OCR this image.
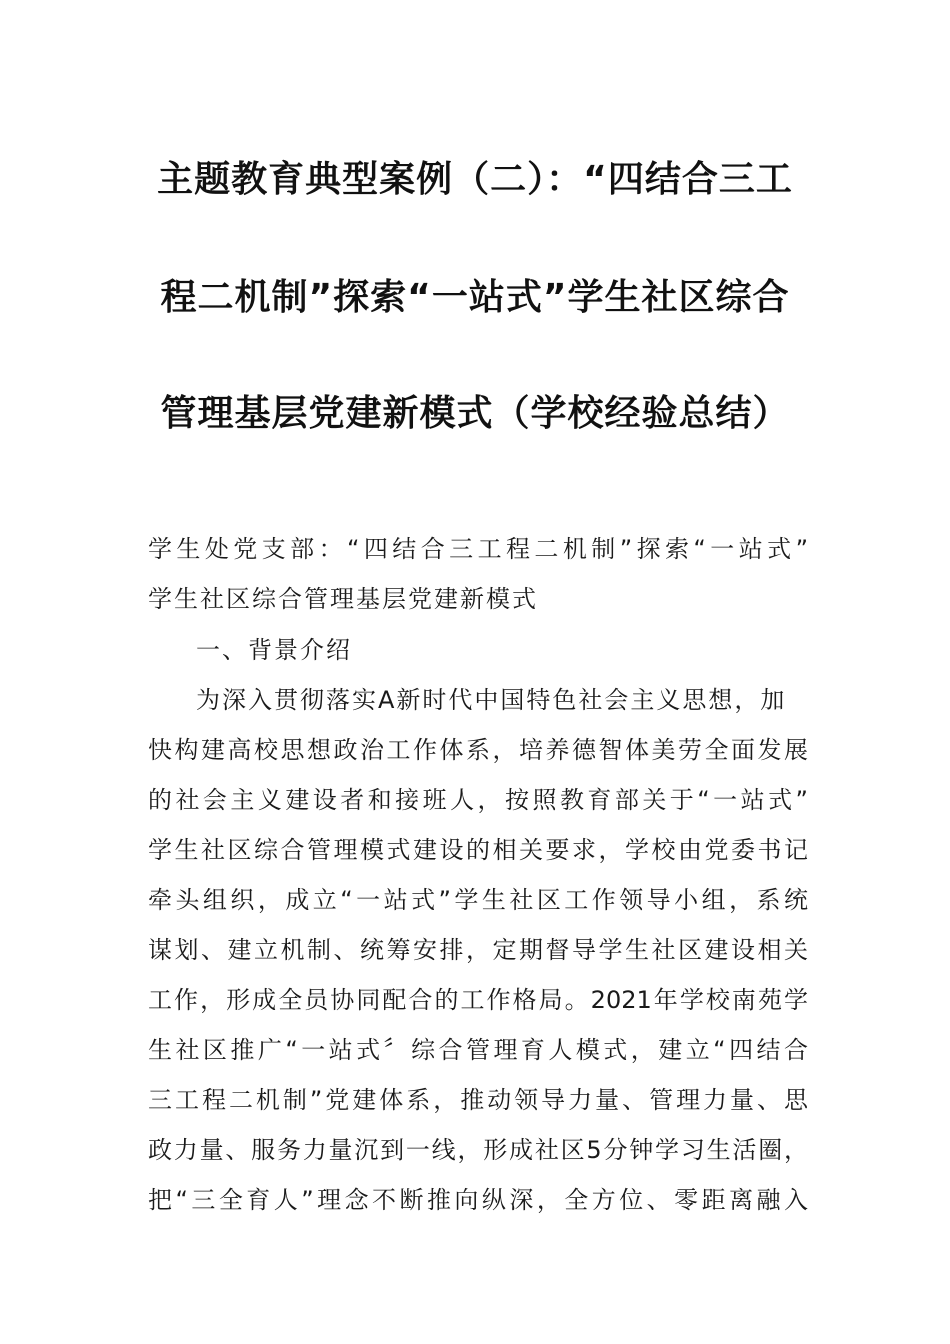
主题教育典型案例（二）：“四结合三工
程二机制”探索“一站式”学生社区综合
管理基层党建新模式（学校经验总结）
学生处党支部：“四结合三工程二机制”探索“一站式”
学生社区综合管理基层党建新模式
一、背景介绍
为深入贯彻落实A新时代中国特色社会主义思想，加
快构建高校思想政治工作体系，培养德智体美劳全面发展
的社会主义建设者和接班人，按照教育部关于“一站式”
学生社区综合管理模式建设的相关要求，学校由党委书记
牵头组织，成立“一站式”学生社区工作领导小组，系统
谋划、建立机制、统筹安排，定期督导学生社区建设相关
工作，形成全员协同配合的工作格局。2021年学校南苑学
生社区推广“一站式〞综合管理育人模式，建立“四结合
三工程二机制”党建体系，推动领导力量、管理力量、思
政力量、服务力量沉到一线，形成社区5分钟学习生活圈，
把“三全育人”理念不断推向纵深，全方位、零距离融入
